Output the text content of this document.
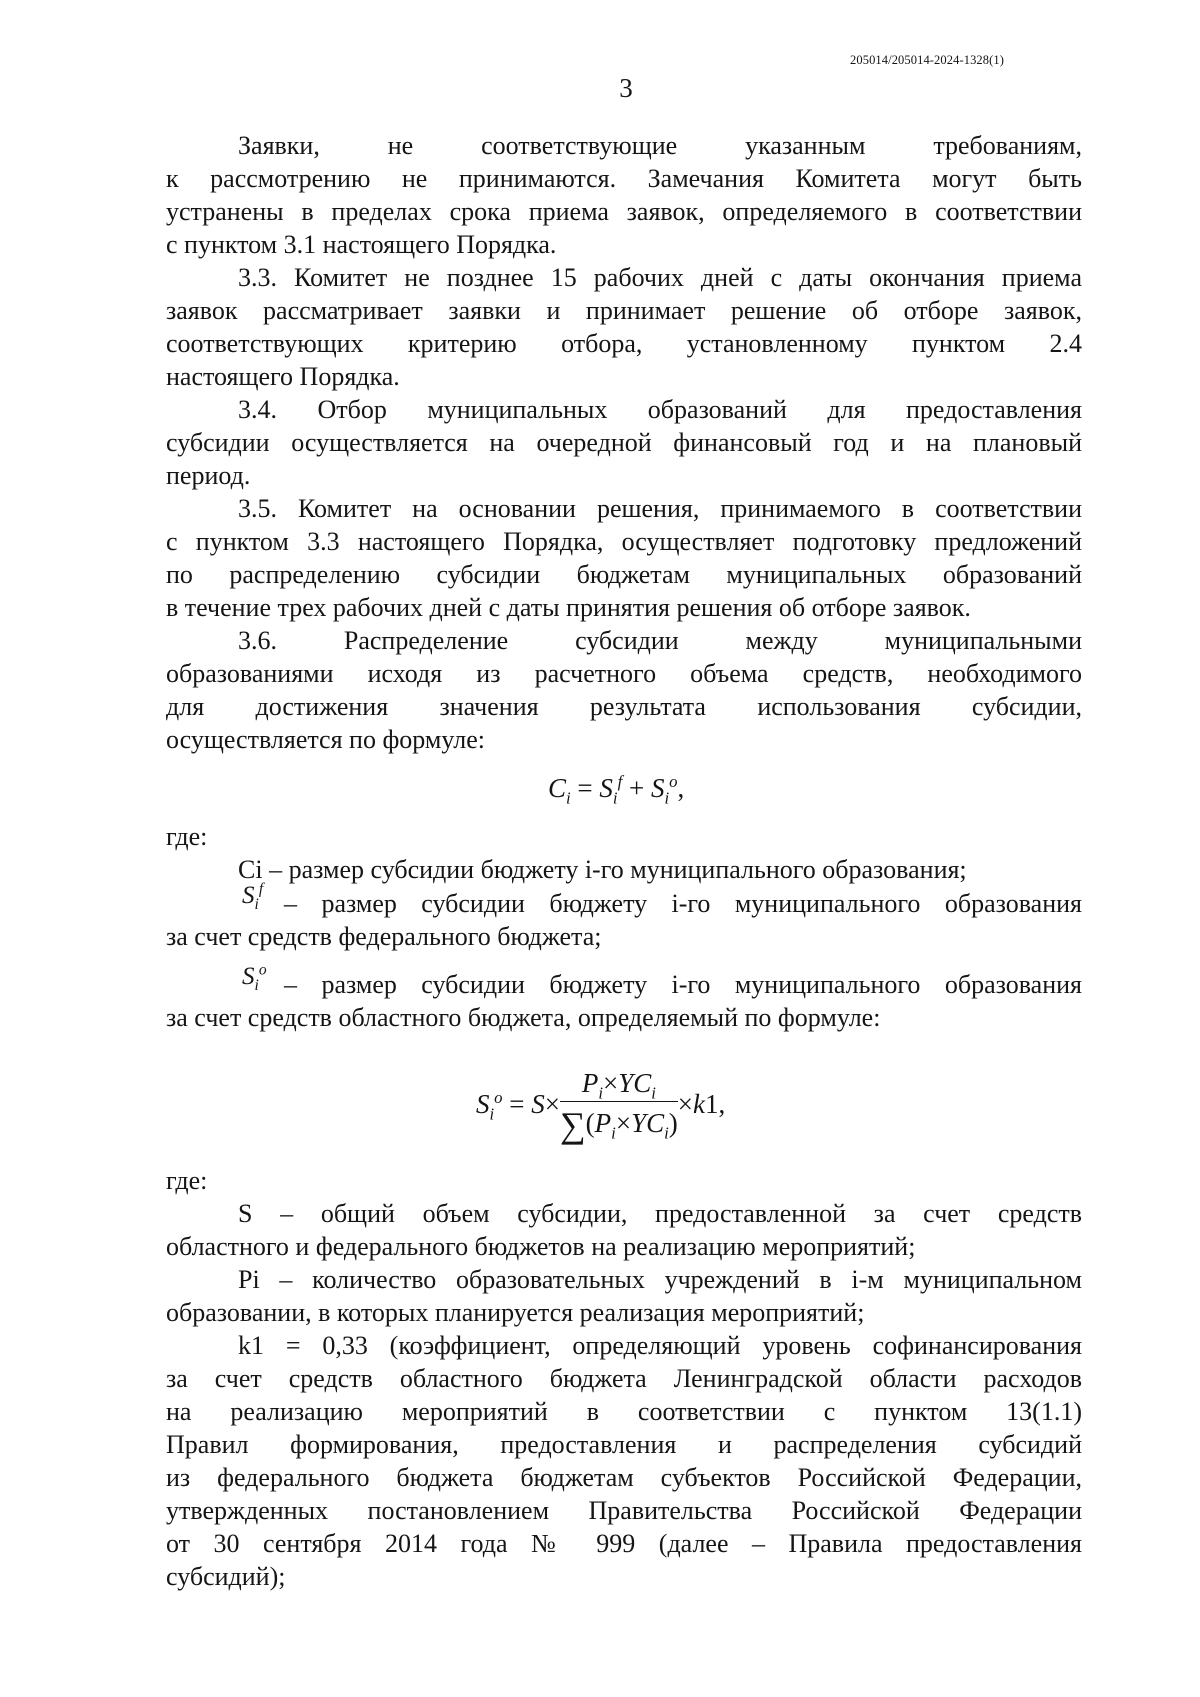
205014/205014-2024-1328(1)
3
Заявки, не соответствующие указанным требованиям,
к рассмотрению не принимаются. Замечания Комитета могут быть
устранены в пределах срока приема заявок, определяемого в соответствии
с пунктом 3.1 настоящего Порядка.
3.3. Комитет не позднее 15 рабочих дней с даты окончания приема
заявок рассматривает заявки и принимает решение об отборе заявок,
соответствующих критерию отбора, установленному пунктом 2.4
настоящего Порядка.
3.4. Отбор муниципальных образований для предоставления
субсидии осуществляется на очередной финансовый год и на плановый
период.
3.5. Комитет на основании решения, принимаемого в соответствии
с пунктом 3.3 настоящего Порядка, осуществляет подготовку предложений
по распределению субсидии бюджетам муниципальных образований
в течение трех рабочих дней с даты принятия решения об отборе заявок.
3.6. Распределение субсидии между муниципальными
образованиями исходя из расчетного объема средств, необходимого
для достижения значения результата использования субсидии,
осуществляется по формуле:
$C_i = S_i^f + S_i^o$,
где:
Ci – размер субсидии бюджету i-го муниципального образования;
$S_i^f$ – размер субсидии бюджету i-го муниципального образования
за счет средств федерального бюджета;
$S_i^o$ – размер субсидии бюджету i-го муниципального образования
за счет средств областного бюджета, определяемый по формуле:
$S_i^o = S\times \frac{P_i\times YC_i}{\sum(P_i\times YC_i)} \times k1$,
где:
S – общий объем субсидии, предоставленной за счет средств
областного и федерального бюджетов на реализацию мероприятий;
Pi – количество образовательных учреждений в i-м муниципальном
образовании, в которых планируется реализация мероприятий;
k1 = 0,33 (коэффициент, определяющий уровень софинансирования
за счет средств областного бюджета Ленинградской области расходов
на реализацию мероприятий в соответствии с пунктом 13(1.1)
Правил формирования, предоставления и распределения субсидий
из федерального бюджета бюджетам субъектов Российской Федерации,
утвержденных постановлением Правительства Российской Федерации
от 30 сентября 2014 года № 999 (далее – Правила предоставления
субсидий);
